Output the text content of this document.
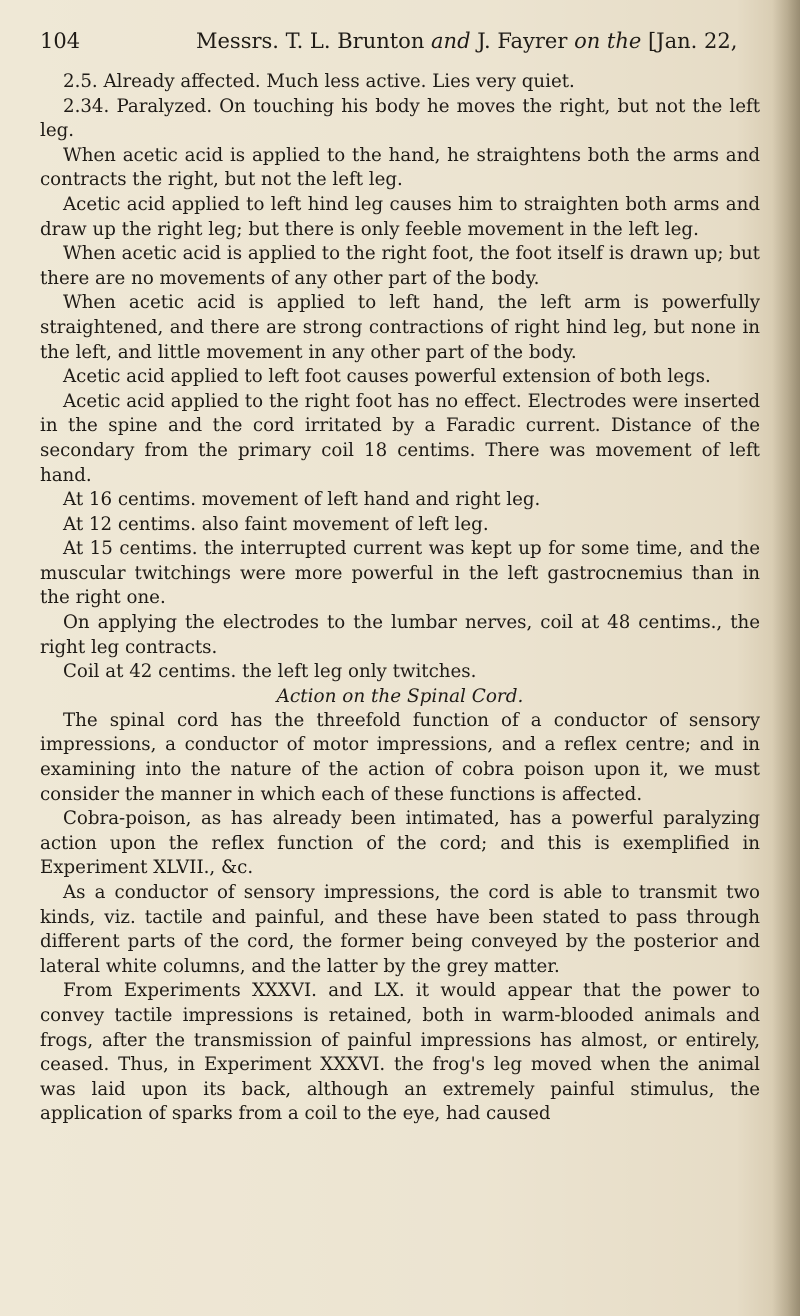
104	Messrs. T. L. Brunton and J. Fayrer on the [Jan. 22,

2.5. Already affected. Much less active. Lies very quiet.

2.34. Paralyzed. On touching his body he moves the right, but not the left leg.

When acetic acid is applied to the hand, he straightens both the arms and contracts the right, but not the left leg.

Acetic acid applied to left hind leg causes him to straighten both arms and draw up the right leg; but there is only feeble movement in the left leg.

When acetic acid is applied to the right foot, the foot itself is drawn up; but there are no movements of any other part of the body.

When acetic acid is applied to left hand, the left arm is powerfully straightened, and there are strong contractions of right hind leg, but none in the left, and little movement in any other part of the body.

Acetic acid applied to left foot causes powerful extension of both legs.

Acetic acid applied to the right foot has no effect. Electrodes were inserted in the spine and the cord irritated by a Faradic current. Distance of the secondary from the primary coil 18 centims. There was movement of left hand.

At 16 centims. movement of left hand and right leg.

At 12 centims. also faint movement of left leg.

At 15 centims. the interrupted current was kept up for some time, and the muscular twitchings were more powerful in the left gastrocnemius than in the right one.

On applying the electrodes to the lumbar nerves, coil at 48 centims., the right leg contracts.

Coil at 42 centims. the left leg only twitches.

Action on the Spinal Cord.

The spinal cord has the threefold function of a conductor of sensory impressions, a conductor of motor impressions, and a reflex centre; and in examining into the nature of the action of cobra poison upon it, we must consider the manner in which each of these functions is affected.

Cobra-poison, as has already been intimated, has a powerful paralyzing action upon the reflex function of the cord; and this is exemplified in Experiment XLVII., &c.

As a conductor of sensory impressions, the cord is able to transmit two kinds, viz. tactile and painful, and these have been stated to pass through different parts of the cord, the former being conveyed by the posterior and lateral white columns, and the latter by the grey matter.

From Experiments XXXVI. and LX. it would appear that the power to convey tactile impressions is retained, both in warm-blooded animals and frogs, after the transmission of painful impressions has almost, or entirely, ceased. Thus, in Experiment XXXVI. the frog's leg moved when the animal was laid upon its back, although an extremely painful stimulus, the application of sparks from a coil to the eye, had caused
